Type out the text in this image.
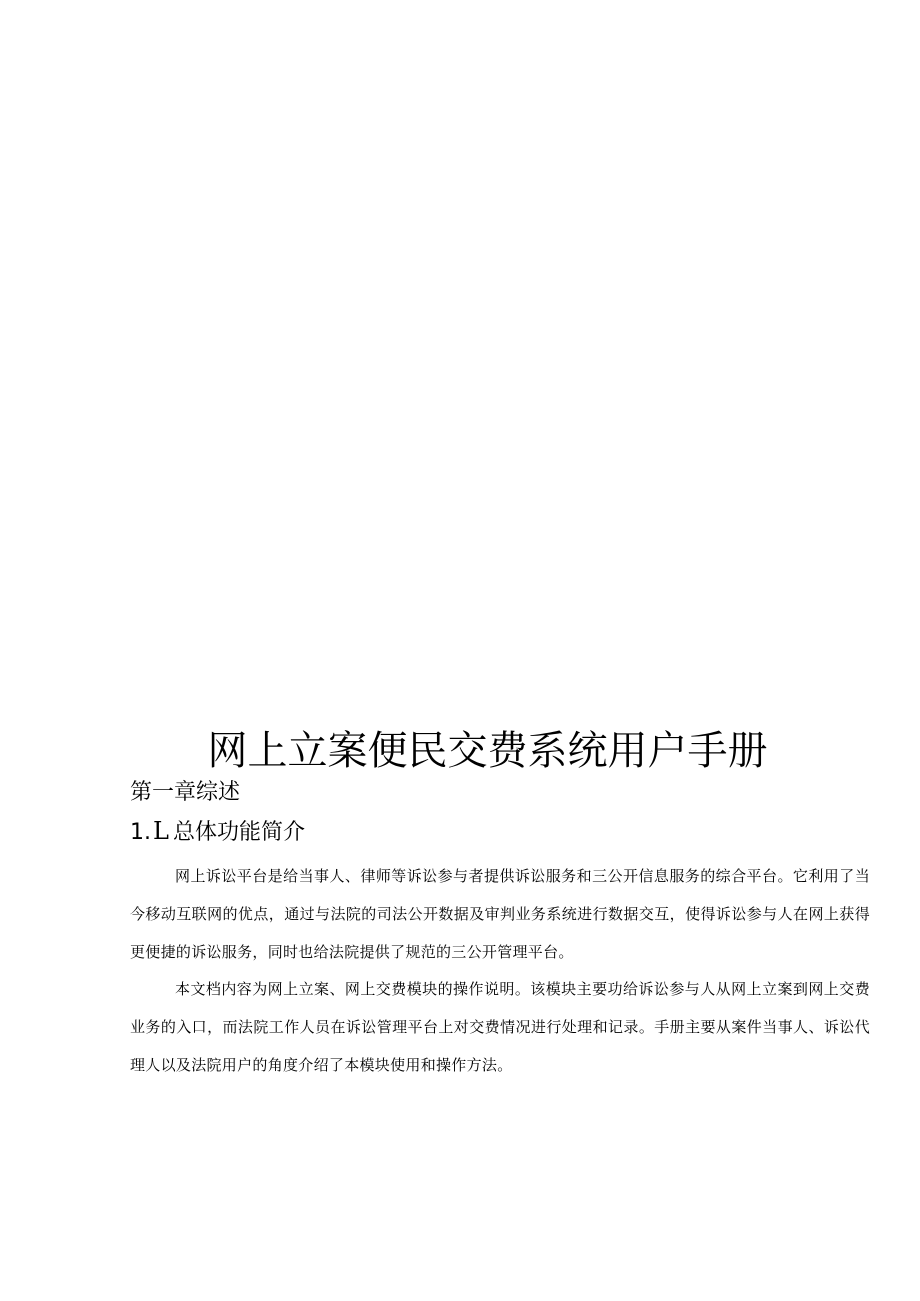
网上立案便民交费系统用户手册
第一章综述
1.L 总体功能简介

网上诉讼平台是给当事人、律师等诉讼参与者提供诉讼服务和三公开信息服务的综合平台。它利用了当今移动互联网的优点，通过与法院的司法公开数据及审判业务系统进行数据交互，使得诉讼参与人在网上获得更便捷的诉讼服务，同时也给法院提供了规范的三公开管理平台。

本文档内容为网上立案、网上交费模块的操作说明。该模块主要功给诉讼参与人从网上立案到网上交费业务的入口，而法院工作人员在诉讼管理平台上对交费情况进行处理和记录。手册主要从案件当事人、诉讼代理人以及法院用户的角度介绍了本模块使用和操作方法。
